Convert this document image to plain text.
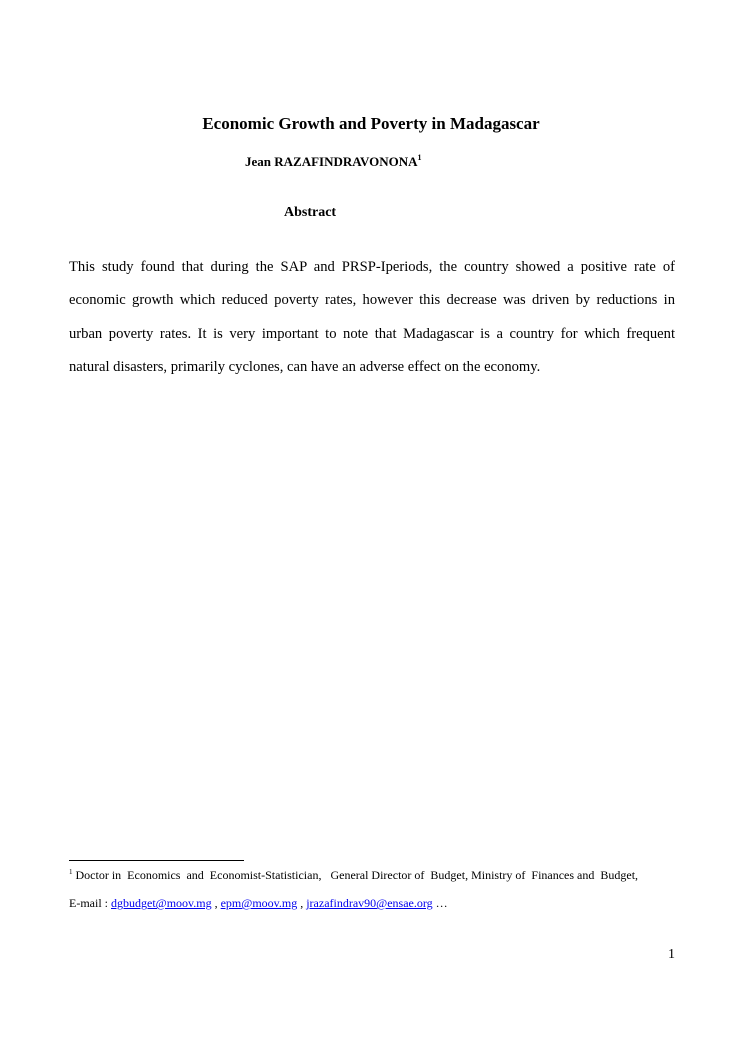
Economic Growth and Poverty in Madagascar
Jean RAZAFINDRAVONONA$^1$
Abstract
This study found that during the SAP and PRSP-Iperiods, the country showed a positive rate of
economic growth which reduced poverty rates, however this decrease was driven by reductions in
urban poverty rates. It is very important to note that Madagascar is a country for which frequent
natural disasters, primarily cyclones, can have an adverse effect on the economy.
$^1$ Doctor in  Economics  and  Economist-Statistician,   General Director of  Budget, Ministry of  Finances and  Budget,
E-mail : dgbudget@moov.mg , epm@moov.mg , jrazafindrav90@ensae.org …
1
